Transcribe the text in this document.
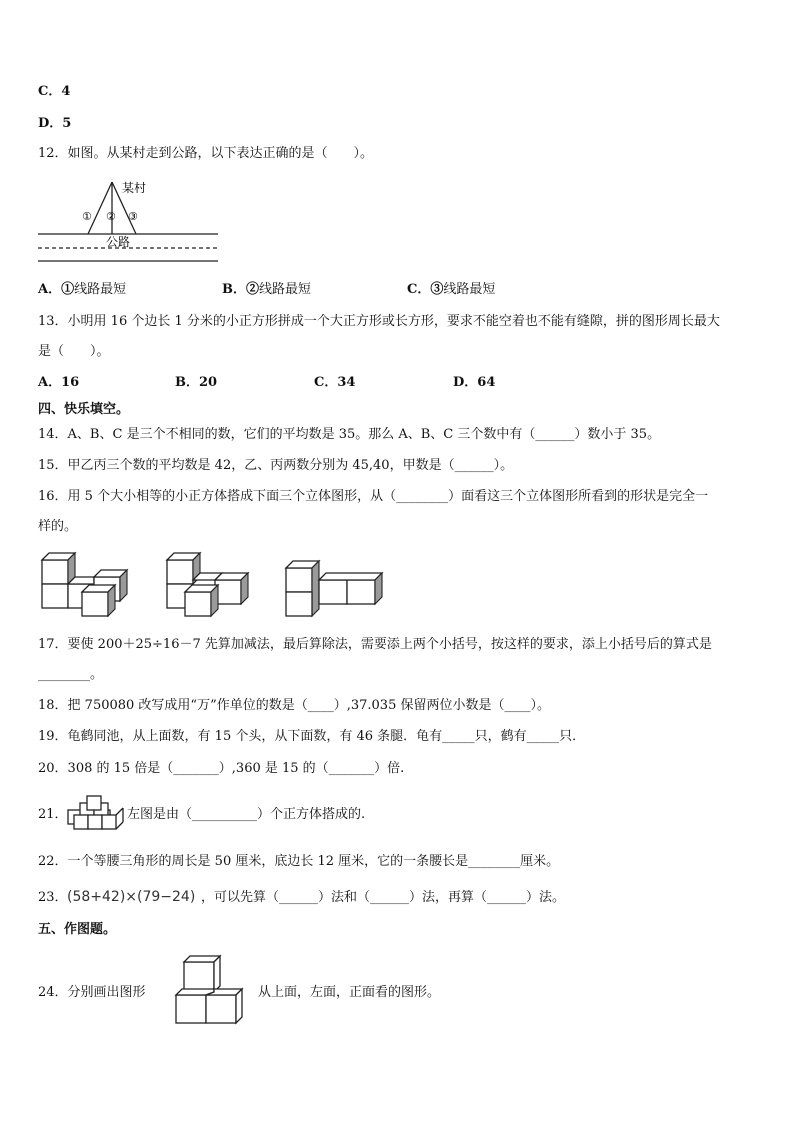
C．4
D．5
12．如图。从某村走到公路，以下表达正确的是（　　）。
某村
① ② ③
公路
A．①线路最短	B．②线路最短	C．③线路最短
13．小明用 16 个边长 1 分米的小正方形拼成一个大正方形或长方形，要求不能空着也不能有缝隙，拼的图形周长最大
是（　　）。
A．16	B．20	C．34	D．64
四、快乐填空。
14．A、B、C 是三个不相同的数，它们的平均数是 35。那么 A、B、C 三个数中有（______）数小于 35。
15．甲乙丙三个数的平均数是 42，乙、丙两数分别为 45,40，甲数是（______）。
16．用 5 个大小相等的小正方体搭成下面三个立体图形，从（________）面看这三个立体图形所看到的形状是完全一
样的。
17．要使 200＋25÷16－7 先算加减法，最后算除法，需要添上两个小括号，按这样的要求，添上小括号后的算式是
________。
18．把 750080 改写成用“万”作单位的数是（____）,37.035 保留两位小数是（____）。
19．龟鹤同池，从上面数，有 15 个头，从下面数，有 46 条腿．龟有_____只，鹤有_____只．
20．308 的 15 倍是（_______）,360 是 15 的（_______）倍.
21．	左图是由（__________）个正方体搭成的.
22．一个等腰三角形的周长是 50 厘米，底边长 12 厘米，它的一条腰长是________厘米。
23． (58+42)×(79−24) ，可以先算（______）法和（______）法，再算（______）法。
五、作图题。
24．分别画出图形	从上面，左面，正面看的图形。
